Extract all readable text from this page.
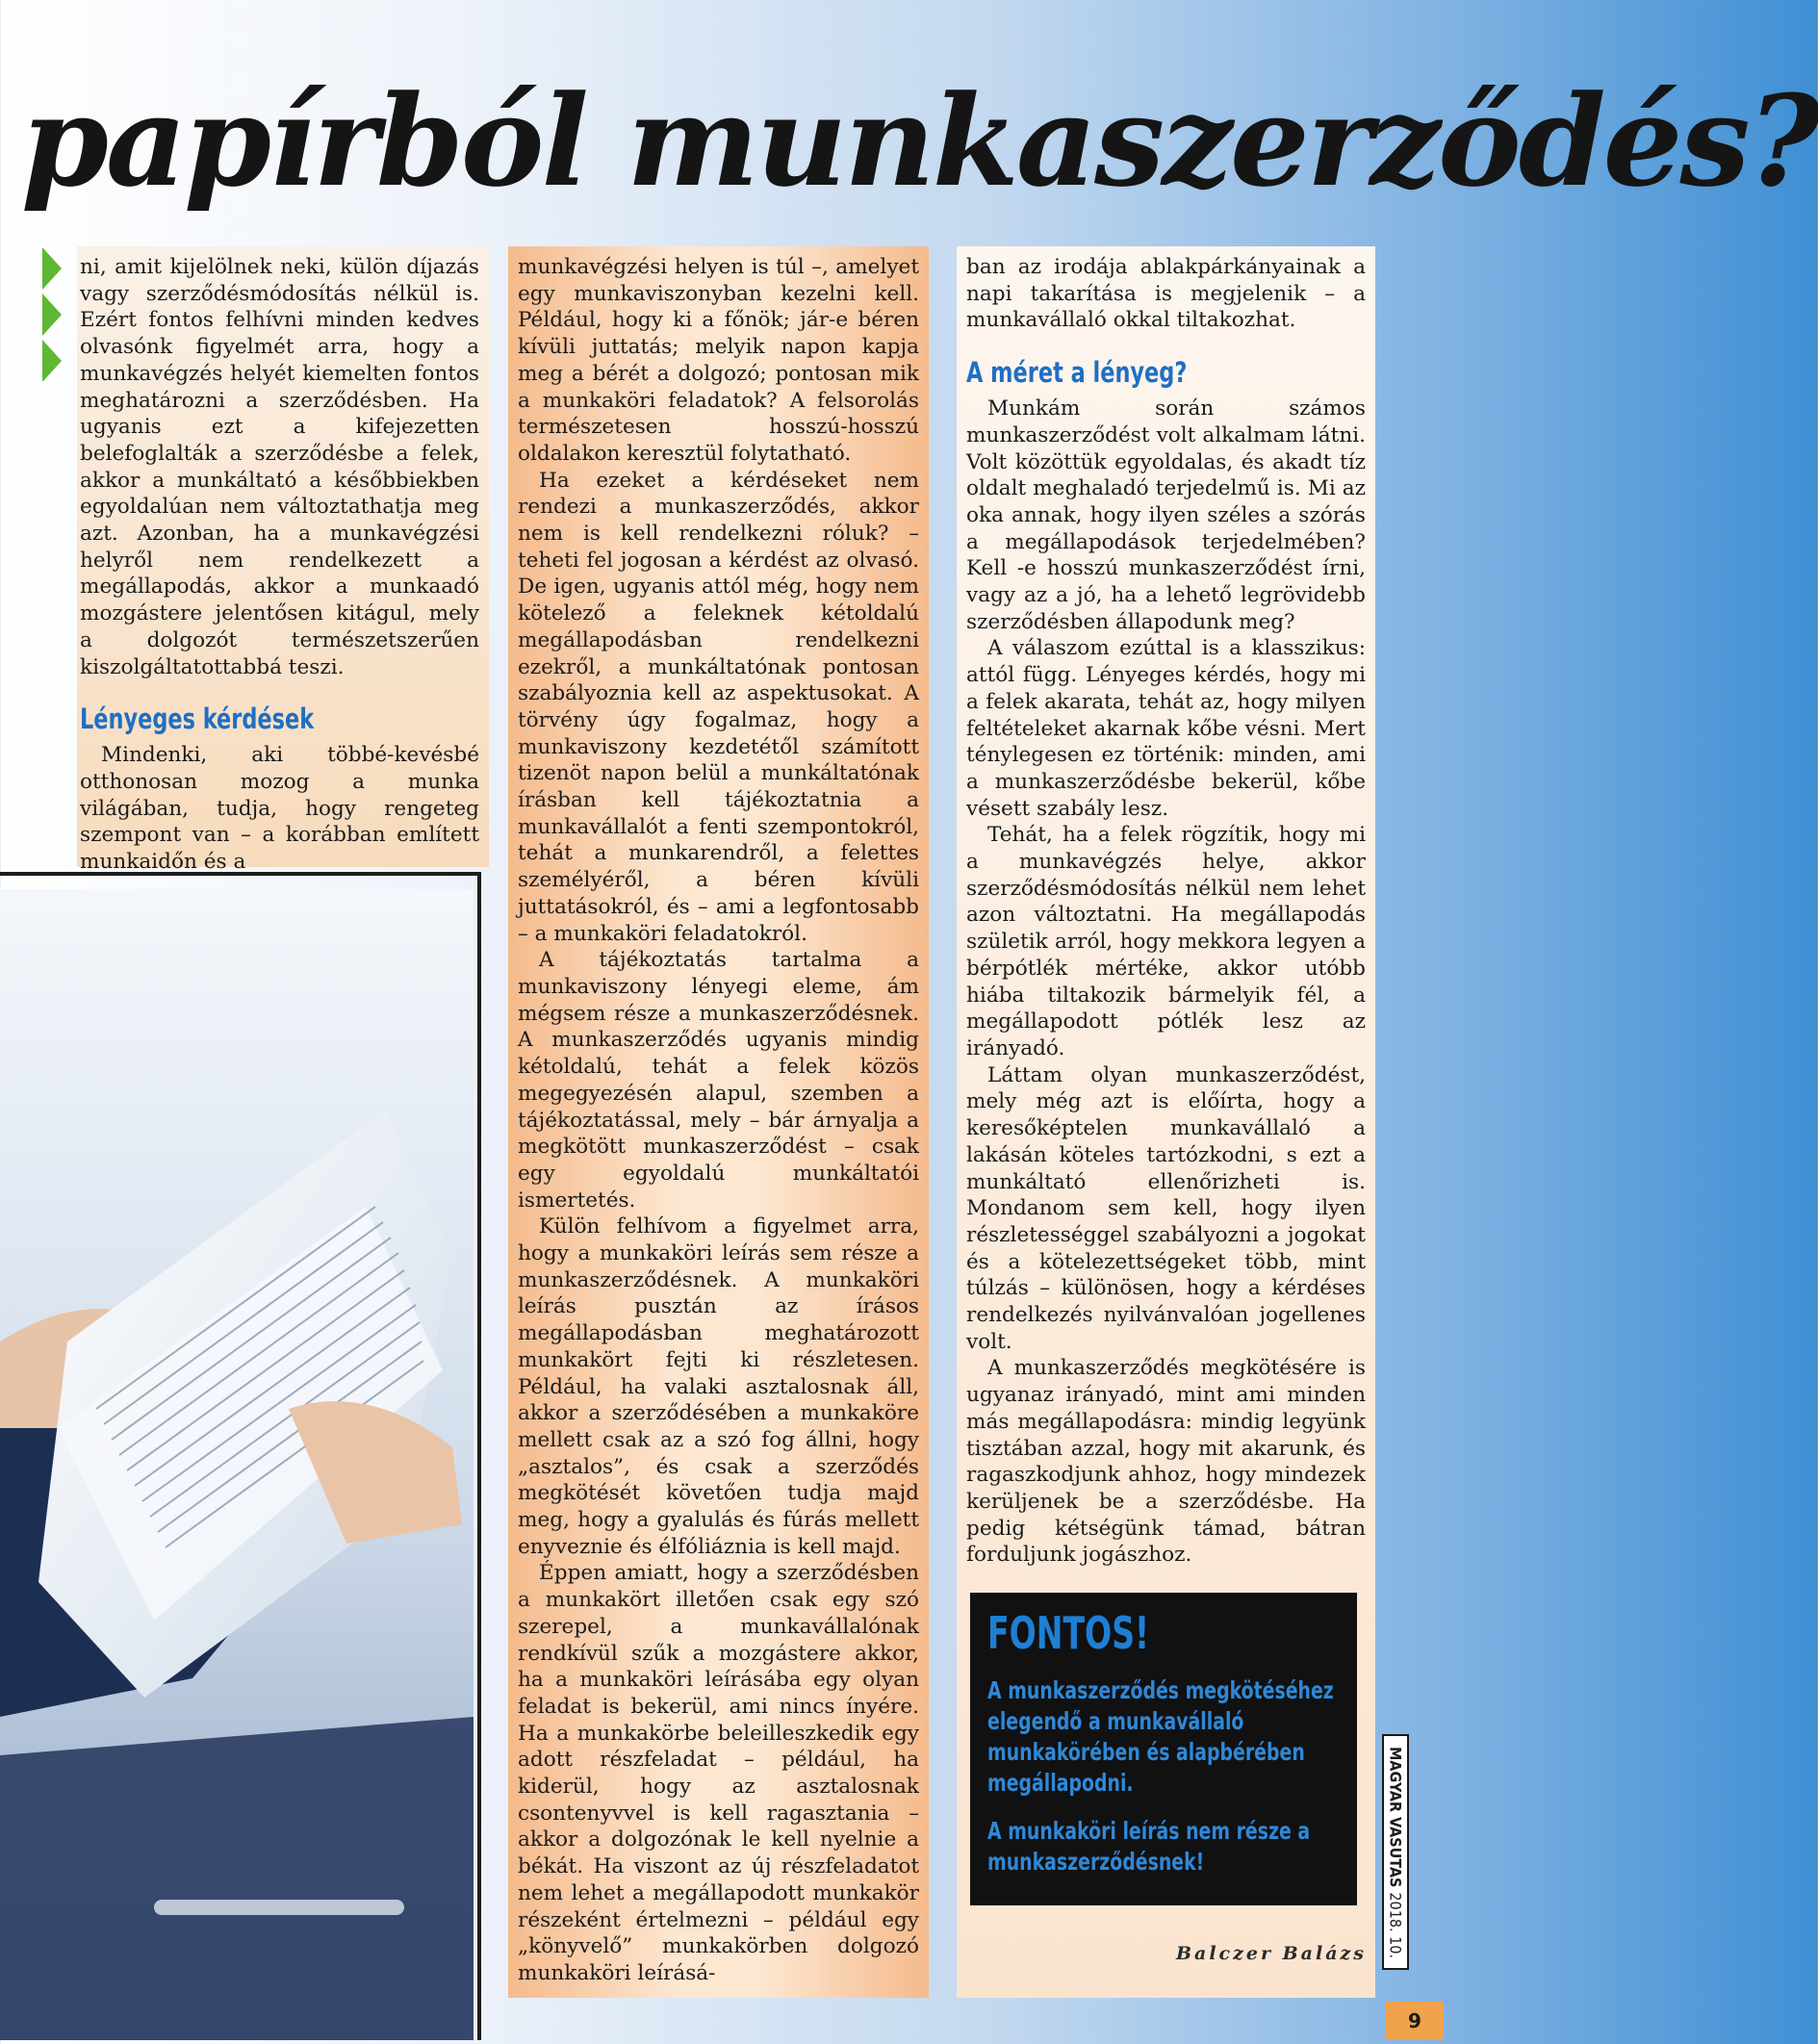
papírból munkaszerződés?

ni, amit kijelölnek neki, külön díjazás vagy szerződésmódosítás nélkül is. Ezért fontos felhívni minden kedves olvasónk figyelmét arra, hogy a munkavégzés helyét kiemelten fontos meghatározni a szerződésben. Ha ugyanis ezt a kifejezetten belefoglalták a szerződésbe a felek, akkor a munkáltató a későbbiekben egyoldalúan nem változtathatja meg azt. Azonban, ha a munkavégzési helyről nem rendelkezett a megállapodás, akkor a munkaadó mozgástere jelentősen kitágul, mely a dolgozót természetszerűen kiszolgáltatottabbá teszi.

Lényeges kérdések

Mindenki, aki többé-kevésbé otthonosan mozog a munka világában, tudja, hogy rengeteg szempont van – a korábban említett munkaidőn és a

munkavégzési helyen is túl –, amelyet egy munkaviszonyban kezelni kell. Például, hogy ki a főnök; jár-e béren kívüli juttatás; melyik napon kapja meg a bérét a dolgozó; pontosan mik a munkaköri feladatok? A felsorolás természetesen hosszú-hosszú oldalakon keresztül folytatható.

Ha ezeket a kérdéseket nem rendezi a munkaszerződés, akkor nem is kell rendelkezni róluk? – teheti fel jogosan a kérdést az olvasó. De igen, ugyanis attól még, hogy nem kötelező a feleknek kétoldalú megállapodásban rendelkezni ezekről, a munkáltatónak pontosan szabályoznia kell az aspektusokat. A törvény úgy fogalmaz, hogy a munkaviszony kezdetétől számított tizenöt napon belül a munkáltatónak írásban kell tájékoztatnia a munkavállalót a fenti szempontokról, tehát a munkarendről, a felettes személyéről, a béren kívüli juttatásokról, és – ami a legfontosabb – a munkaköri feladatokról.

A tájékoztatás tartalma a munkaviszony lényegi eleme, ám mégsem része a munkaszerződésnek. A munkaszerződés ugyanis mindig kétoldalú, tehát a felek közös megegyezésén alapul, szemben a tájékoztatással, mely – bár árnyalja a megkötött munkaszerződést – csak egy egyoldalú munkáltatói ismertetés.

Külön felhívom a figyelmet arra, hogy a munkaköri leírás sem része a munkaszerződésnek. A munkaköri leírás pusztán az írásos megállapodásban meghatározott munkakört fejti ki részletesen. Például, ha valaki asztalosnak áll, akkor a szerződésében a munkaköre mellett csak az a szó fog állni, hogy „asztalos”, és csak a szerződés megkötését követően tudja majd meg, hogy a gyalulás és fúrás mellett enyveznie és élfóliáznia is kell majd.

Éppen amiatt, hogy a szerződésben a munkakört illetően csak egy szó szerepel, a munkavállalónak rendkívül szűk a mozgástere akkor, ha a munkaköri leírásába egy olyan feladat is bekerül, ami nincs ínyére. Ha a munkakörbe beleilleszkedik egy adott részfeladat – például, ha kiderül, hogy az asztalosnak csontenyvvel is kell ragasztania – akkor a dolgozónak le kell nyelnie a békát. Ha viszont az új részfeladatot nem lehet a megállapodott munkakör részeként értelmezni – például egy „könyvelő” munkakörben dolgozó munkaköri leírásá-

ban az irodája ablakpárkányainak a napi takarítása is megjelenik – a munkavállaló okkal tiltakozhat.

A méret a lényeg?

Munkám során számos munkaszerződést volt alkalmam látni. Volt közöttük egyoldalas, és akadt tíz oldalt meghaladó terjedelmű is. Mi az oka annak, hogy ilyen széles a szórás a megállapodások terjedelmében? Kell -e hosszú munkaszerződést írni, vagy az a jó, ha a lehető legrövidebb szerződésben állapodunk meg?

A válaszom ezúttal is a klasszikus: attól függ. Lényeges kérdés, hogy mi a felek akarata, tehát az, hogy milyen feltételeket akarnak kőbe vésni. Mert ténylegesen ez történik: minden, ami a munkaszerződésbe bekerül, kőbe vésett szabály lesz.

Tehát, ha a felek rögzítik, hogy mi a munkavégzés helye, akkor szerződésmódosítás nélkül nem lehet azon változtatni. Ha megállapodás születik arról, hogy mekkora legyen a bérpótlék mértéke, akkor utóbb hiába tiltakozik bármelyik fél, a megállapodott pótlék lesz az irányadó.

Láttam olyan munkaszerződést, mely még azt is előírta, hogy a keresőképtelen munkavállaló a lakásán köteles tartózkodni, s ezt a munkáltató ellenőrizheti is. Mondanom sem kell, hogy ilyen részletességgel szabályozni a jogokat és a kötelezettségeket több, mint túlzás – különösen, hogy a kérdéses rendelkezés nyilvánvalóan jogellenes volt.

A munkaszerződés megkötésére is ugyanaz irányadó, mint ami minden más megállapodásra: mindig legyünk tisztában azzal, hogy mit akarunk, és ragaszkodjunk ahhoz, hogy mindezek kerüljenek be a szerződésbe. Ha pedig kétségünk támad, bátran forduljunk jogászhoz.

FONTOS!
A munkaszerződés megkötéséhez elegendő a munkavállaló munkakörében és alapbérében megállapodni.
A munkaköri leírás nem része a munkaszerződésnek!
Balczer Balázs
MAGYAR VASUTAS 2018. 10.
9
